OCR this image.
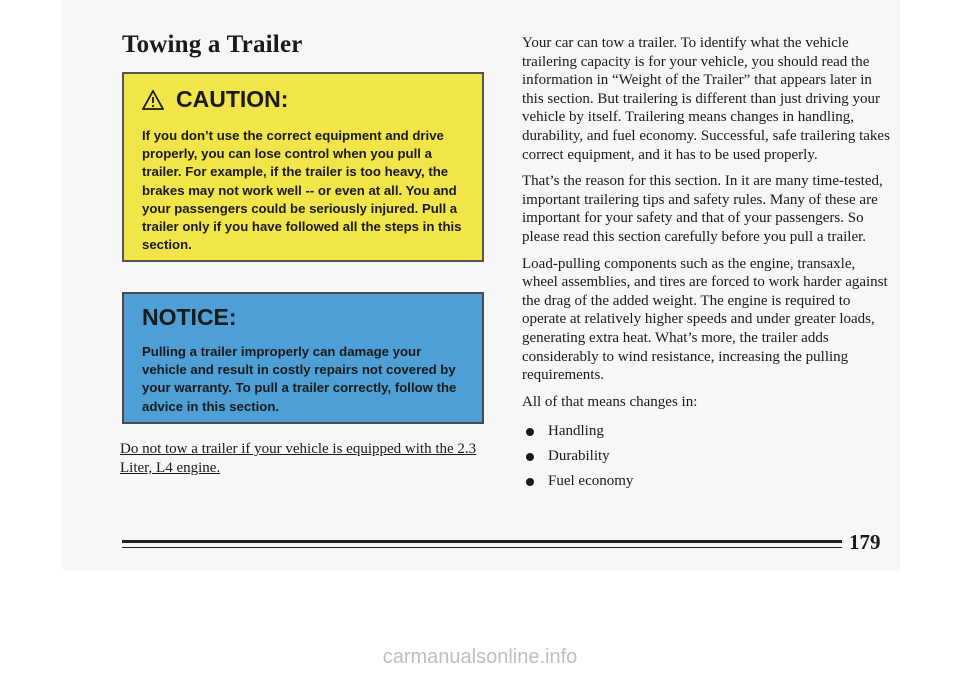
Towing a Trailer
CAUTION:

If you don’t use the correct equipment and drive properly, you can lose control when you pull a trailer. For example, if the trailer is too heavy, the brakes may not work well -- or even at all. You and your passengers could be seriously injured. Pull a trailer only if you have followed all the steps in this section.

NOTICE:

Pulling a trailer improperly can damage your vehicle and result in costly repairs not covered by your warranty. To pull a trailer correctly, follow the advice in this section.

Do not tow a trailer if your vehicle is equipped with the 2.3 Liter, L4 engine.

Your car can tow a trailer. To identify what the vehicle trailering capacity is for your vehicle, you should read the information in “Weight of the Trailer” that appears later in this section. But trailering is different than just driving your vehicle by itself. Trailering means changes in handling, durability, and fuel economy. Successful, safe trailering takes correct equipment, and it has to be used properly.

That’s the reason for this section. In it are many time-tested, important trailering tips and safety rules. Many of these are important for your safety and that of your passengers. So please read this section carefully before you pull a trailer.

Load-pulling components such as the engine, transaxle, wheel assemblies, and tires are forced to work harder against the drag of the added weight. The engine is required to operate at relatively higher speeds and under greater loads, generating extra heat. What’s more, the trailer adds considerably to wind resistance, increasing the pulling requirements.

All of that means changes in:

Handling
Durability
Fuel economy
179
carmanualsonline.info
